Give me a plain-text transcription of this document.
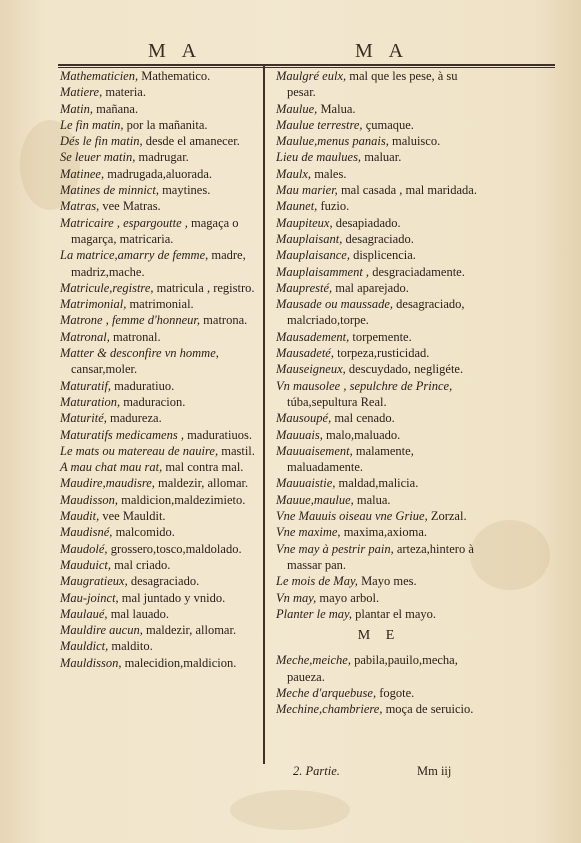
M A	M A

Mathematicien, Mathematico.

Matiere, materia.

Matin, mañana.

Le fin matin, por la mañanita.

Dés le fin matin, desde el amanecer.

Se leuer matin, madrugar.

Matinee, madrugada,aluorada.

Matines de minnict, maytines.

Matras, vee Matras.

Matricaire , espargoutte , magaça o magarça, matricaria.

La matrice,amarry de femme, madre, madriz,mache.

Matricule,registre, matricula , registro.

Matrimonial, matrimonial.

Matrone , femme d'honneur, matrona.

Matronal, matronal.

Matter & desconfire vn homme, cansar,moler.

Maturatif, maduratiuo.

Maturation, maduracion.

Maturité, madureza.

Maturatifs medicamens , maduratiuos.

Le mats ou matereau de nauire, mastil.

A mau chat mau rat, mal contra mal.

Maudire,maudisre, maldezir, allomar.

Maudisson, maldicion,maldezimieto.

Maudit, vee Mauldit.

Maudisné, malcomido.

Maudolé, grossero,tosco,maldolado.

Mauduict, mal criado.

Maugratieux, desagraciado.

Mau-joinct, mal juntado y vnido.

Maulaué, mal lauado.

Mauldire aucun, maldezir, allomar.

Mauldict, maldito.

Mauldisson, malecidion,maldicion.

Maulgré eulx, mal que les pese, à su pesar.

Maulue, Malua.

Maulue terrestre, çumaque.

Maulue,menus panais, maluisco.

Lieu de maulues, maluar.

Maulx, males.

Mau marier, mal casada , mal maridada.

Maunet, fuzio.

Maupiteux, desapiadado.

Mauplaisant, desagraciado.

Mauplaisance, displicencia.

Mauplaisamment , desgraciadamente.

Maupresté, mal aparejado.

Mausade ou maussade, desagraciado, malcriado,torpe.

Mausadement, torpemente.

Mausadeté, torpeza,rusticidad.

Mauseigneux, descuydado, negligéte.

Vn mausolee , sepulchre de Prince, túba,sepultura Real.

Mausoupé, mal cenado.

Mauuais, malo,maluado.

Mauuaisement, malamente, maluadamente.

Mauuaistie, maldad,malicia.

Mauue,maulue, malua.

Vne Mauuis oiseau vne Griue, Zorzal.

Vne maxime, maxima,axioma.

Vne may à pestrir pain, arteza,hintero à massar pan.

Le mois de May, Mayo mes.

Vn may, mayo arbol.

Planter le may, plantar el mayo.

M E

Meche,meiche, pabila,pauilo,mecha, paueza.

Meche d'arquebuse, fogote.

Mechine,chambriere, moça de seruicio.

2. Partie.	Mm iij
